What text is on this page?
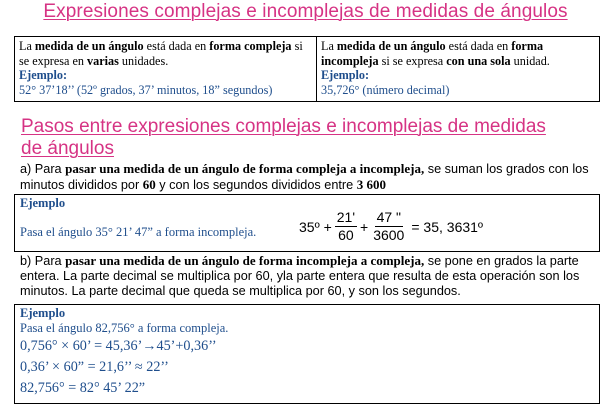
Expresiones complejas e incomplejas de medidas de ángulos
La medida de un ángulo está dada en forma compleja si se expresa en varias unidades.
Ejemplo:
52° 37’18’’ (52º grados, 37’ minutos, 18” segundos)
La medida de un ángulo está dada en forma incompleja si se expresa con una sola unidad.
Ejemplo:
35,726° (número decimal)
Pasos entre expresiones complejas e incomplejas de medidas
de ángulos
a) Para pasar una medida de un ángulo de forma compleja a incompleja, se suman los grados con los minutos divididos por 60 y con los segundos divididos entre 3 600
Ejemplo
Pasa el ángulo 35° 21’ 47” a forma incompleja.	35º + $\frac{21'}{60} + \frac{47 "}{3600} = 35$, 3631º
b) Para pasar una medida de un ángulo de forma incompleja a compleja, se pone en grados la parte entera. La parte decimal se multiplica por 60, yla parte entera que resulta de esta operación son los minutos. La parte decimal que queda se multiplica por 60, y son los segundos.
Ejemplo
Pasa el ángulo 82,756° a forma compleja.
0,756° × 60’ = 45,36’→45’+0,36’’
0,36’ × 60” = 21,6’’ ≈ 22’’
82,756° = 82° 45’ 22”
